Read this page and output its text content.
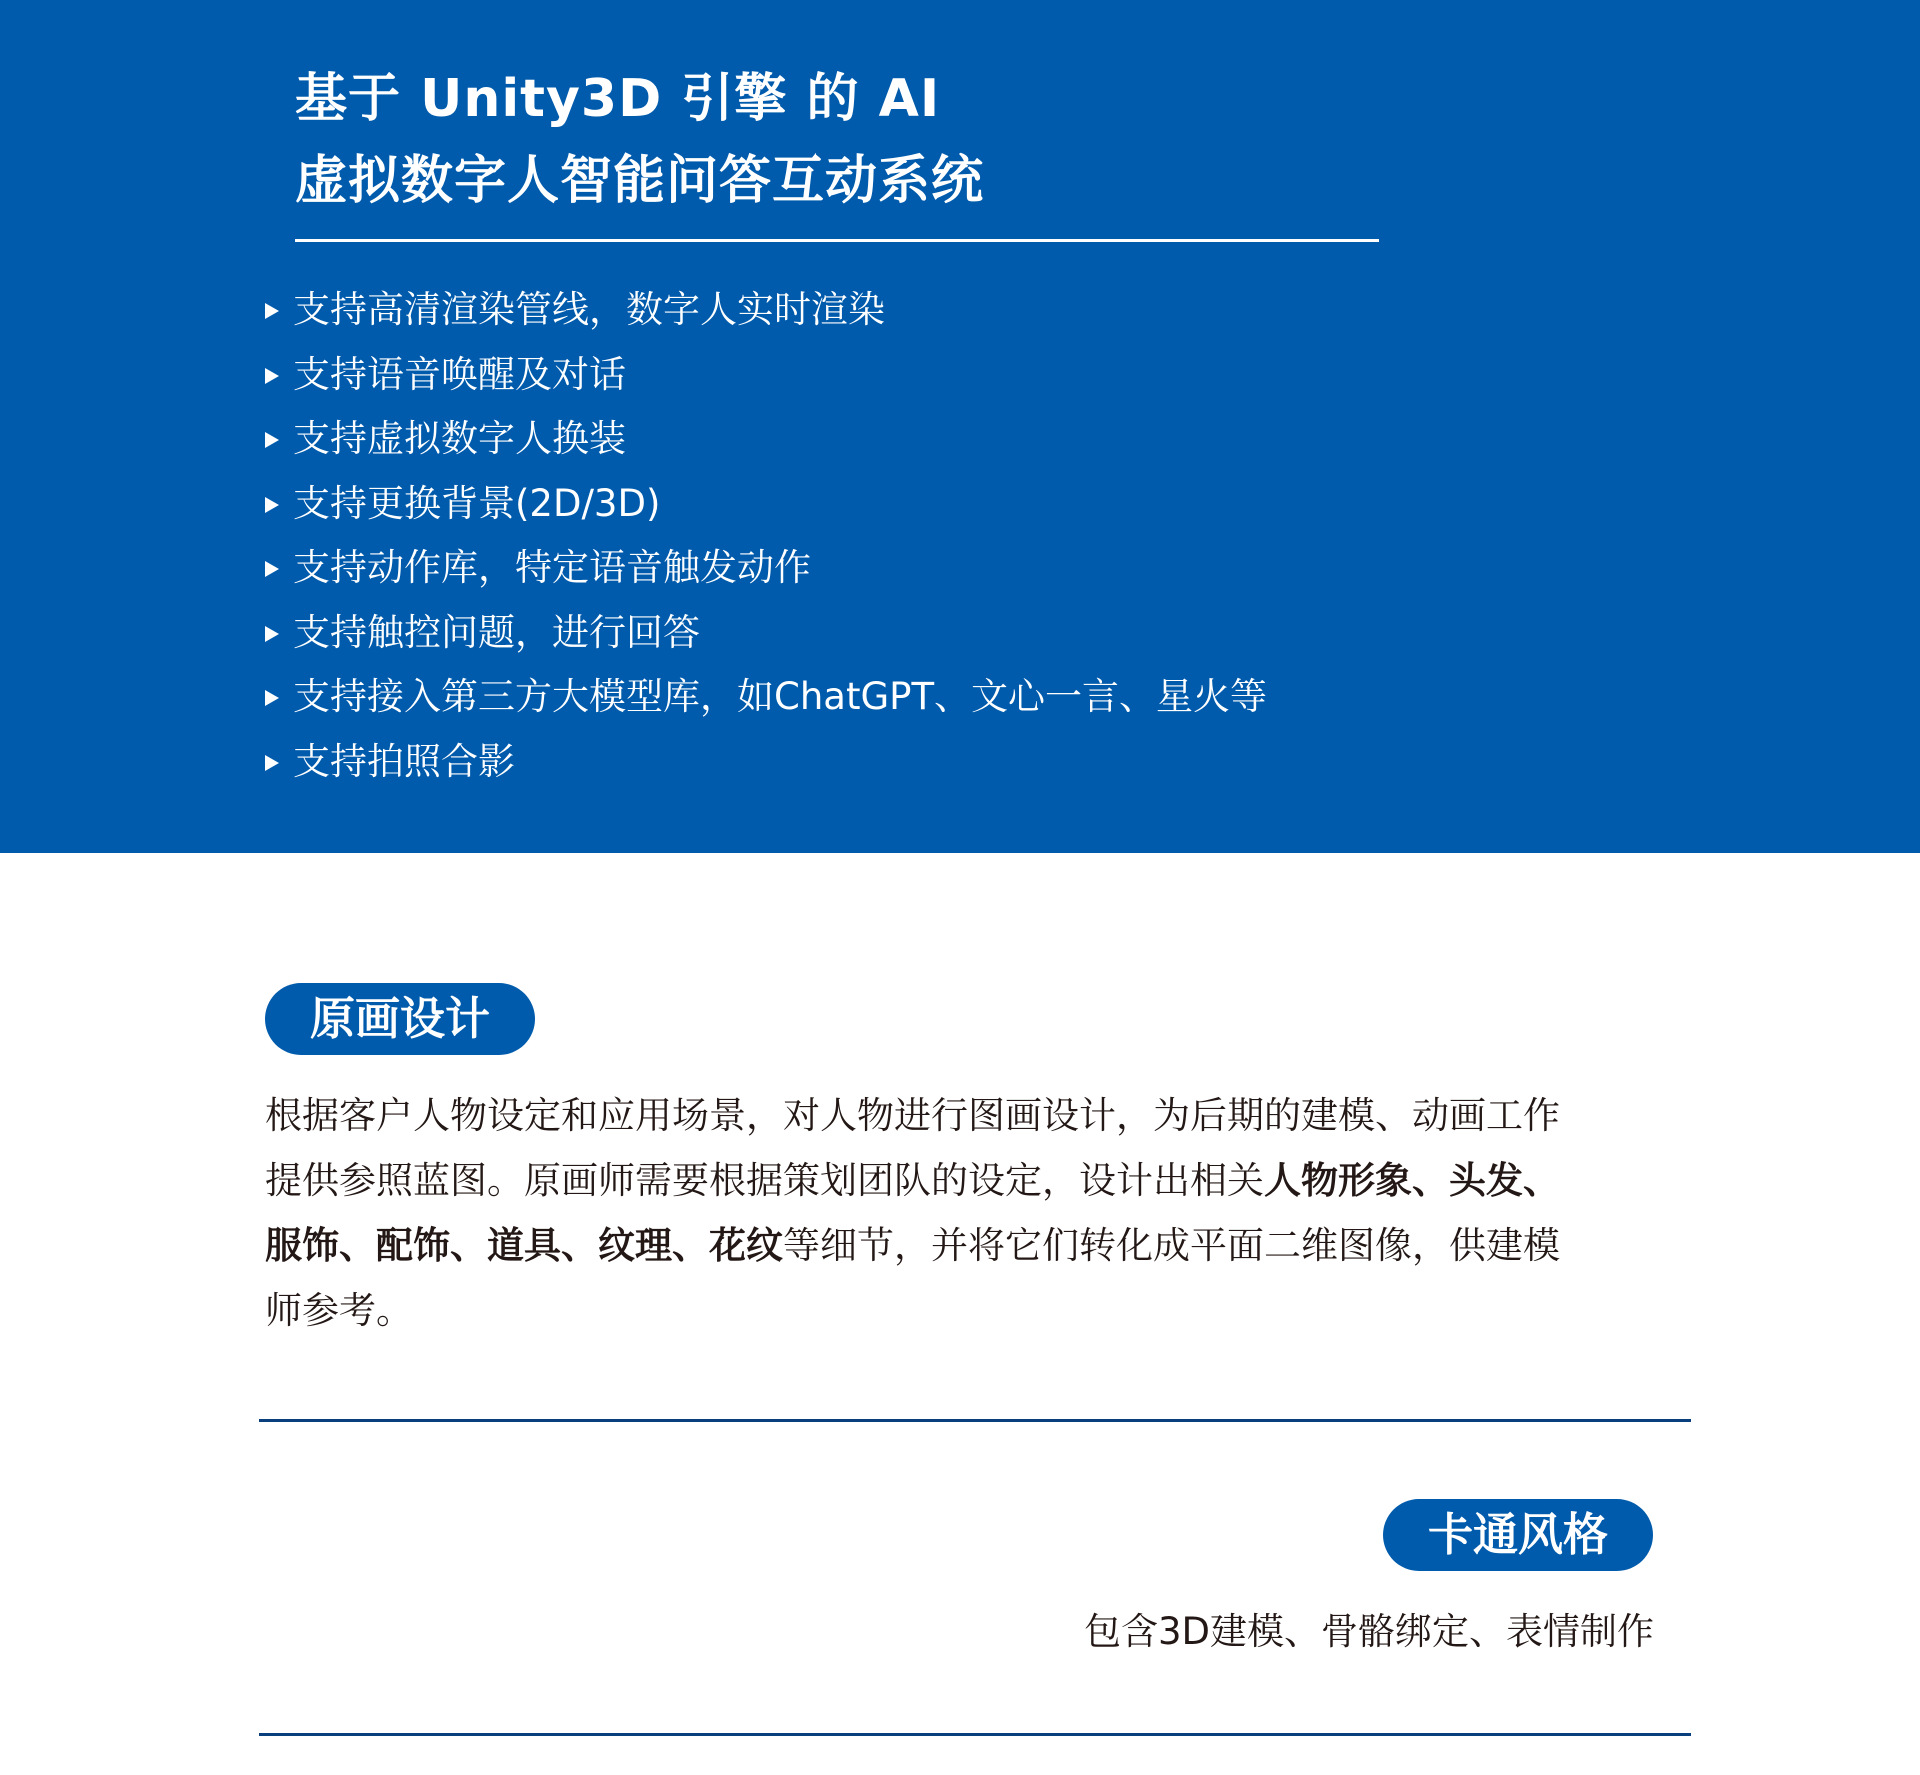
基于 Unity3D 引擎 的 AI
虚拟数字人智能问答互动系统
支持高清渲染管线，数字人实时渲染
支持语音唤醒及对话
支持虚拟数字人换装
支持更换背景(2D/3D)
支持动作库，特定语音触发动作
支持触控问题，进行回答
支持接入第三方大模型库，如ChatGPT、文心一言、星火等
支持拍照合影
原画设计

根据客户人物设定和应用场景，对人物进行图画设计，为后期的建模、动画工作
提供参照蓝图。原画师需要根据策划团队的设定，设计出相关人物形象、头发、
服饰、配饰、道具、纹理、花纹等细节，并将它们转化成平面二维图像，供建模
师参考。

卡通风格

包含3D建模、骨骼绑定、表情制作
